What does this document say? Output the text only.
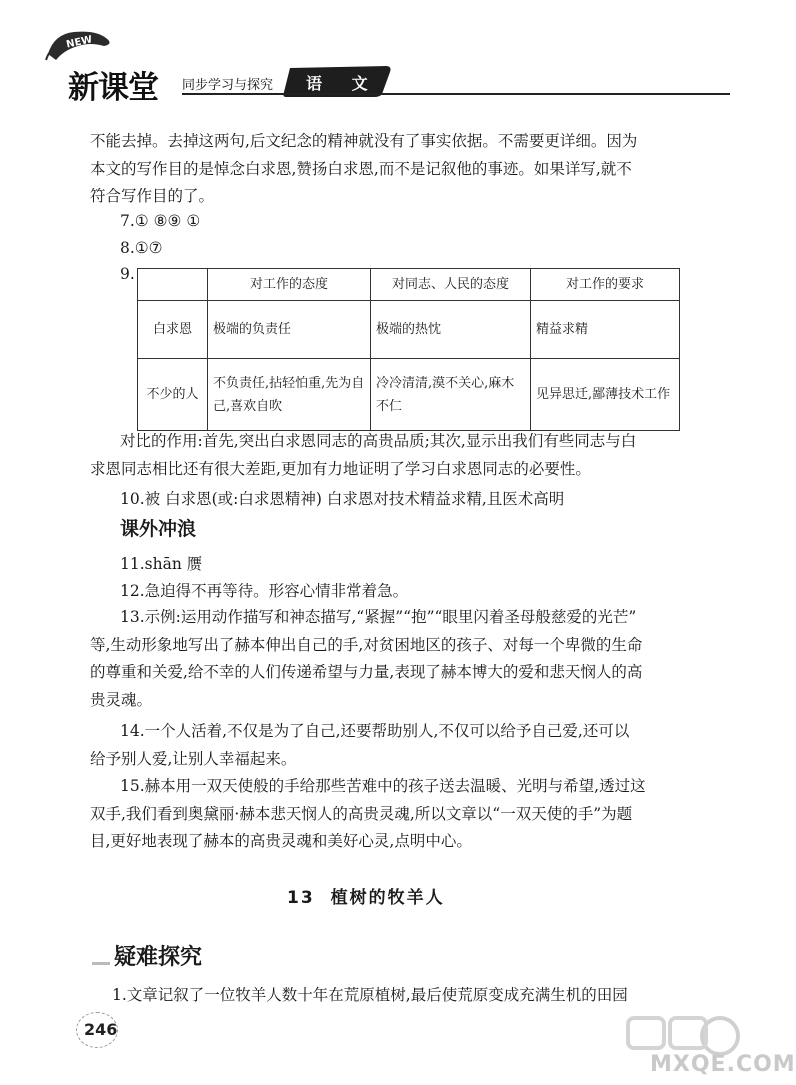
NEW
新课堂 同步学习与探究 语 文
不能去掉。去掉这两句,后文纪念的精神就没有了事实依据。不需要更详细。因为
本文的写作目的是悼念白求恩,赞扬白求恩,而不是记叙他的事迹。如果详写,就不
符合写作目的了。
7.① ⑧⑨ ①
8.①⑦
9.
	对工作的态度	对同志、人民的态度	对工作的要求
白求恩	极端的负责任	极端的热忱	精益求精
不少的人	不负责任,拈轻怕重,先为自己,喜欢自吹	冷冷清清,漠不关心,麻木不仁	见异思迁,鄙薄技术工作
对比的作用:首先,突出白求恩同志的高贵品质;其次,显示出我们有些同志与白
求恩同志相比还有很大差距,更加有力地证明了学习白求恩同志的必要性。
10.被 白求恩(或:白求恩精神) 白求恩对技术精益求精,且医术高明
课外冲浪
11.shān 赝
12.急迫得不再等待。形容心情非常着急。
13.示例:运用动作描写和神态描写,“紧握”“抱”“眼里闪着圣母般慈爱的光芒”
等,生动形象地写出了赫本伸出自己的手,对贫困地区的孩子、对每一个卑微的生命
的尊重和关爱,给不幸的人们传递希望与力量,表现了赫本博大的爱和悲天悯人的高
贵灵魂。
14.一个人活着,不仅是为了自己,还要帮助别人,不仅可以给予自己爱,还可以
给予别人爱,让别人幸福起来。
15.赫本用一双天使般的手给那些苦难中的孩子送去温暖、光明与希望,透过这
双手,我们看到奥黛丽·赫本悲天悯人的高贵灵魂,所以文章以“一双天使的手”为题
目,更好地表现了赫本的高贵灵魂和美好心灵,点明中心。
13 植树的牧羊人
疑难探究
1.文章记叙了一位牧羊人数十年在荒原植树,最后使荒原变成充满生机的田园
246
MXQE.COM
